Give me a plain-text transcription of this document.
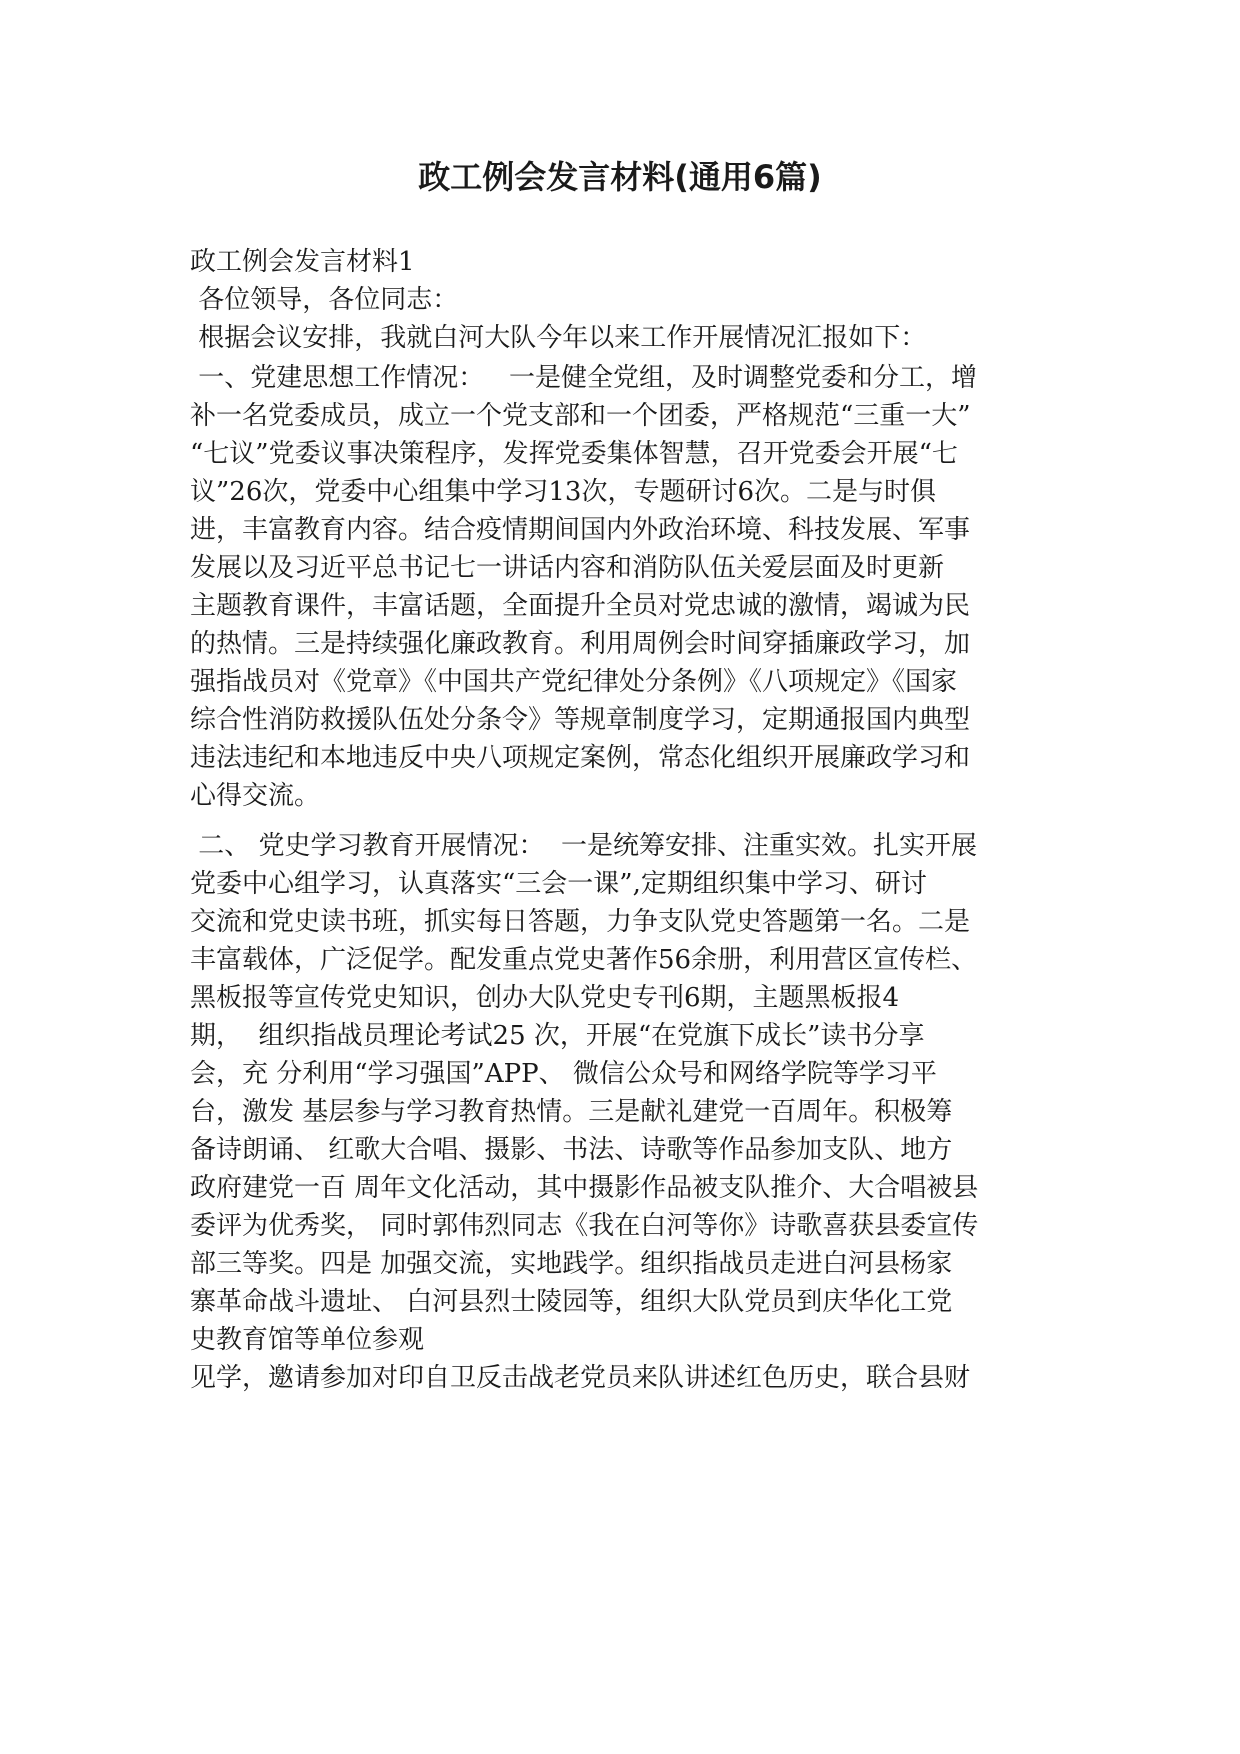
政工例会发言材料(通用6篇)

政工例会发言材料1

各位领导，各位同志：

根据会议安排，我就白河大队今年以来工作开展情况汇报如下：

一、党建思想工作情况：   一是健全党组，及时调整党委和分工，增

补一名党委成员，成立一个党支部和一个团委，严格规范“三重一大”

“七议”党委议事决策程序，发挥党委集体智慧，召开党委会开展“七

议”26次，党委中心组集中学习13次，专题研讨6次。二是与时俱

进，丰富教育内容。结合疫情期间国内外政治环境、科技发展、军事

发展以及习近平总书记七一讲话内容和消防队伍关爱层面及时更新

主题教育课件，丰富话题，全面提升全员对党忠诚的激情，竭诚为民

的热情。三是持续强化廉政教育。利用周例会时间穿插廉政学习，加

强指战员对《党章》《中国共产党纪律处分条例》《八项规定》《国家

综合性消防救援队伍处分条令》等规章制度学习，定期通报国内典型

违法违纪和本地违反中央八项规定案例，常态化组织开展廉政学习和

心得交流。

二、 党史学习教育开展情况：  一是统筹安排、注重实效。扎实开展

党委中心组学习，认真落实“三会一课”,定期组织集中学习、研讨

交流和党史读书班，抓实每日答题，力争支队党史答题第一名。二是

丰富载体，广泛促学。配发重点党史著作56余册，利用营区宣传栏、

黑板报等宣传党史知识，创办大队党史专刊6期，主题黑板报4

期，  组织指战员理论考试25 次，开展“在党旗下成长”读书分享

会，充 分利用“学习强国”APP、 微信公众号和网络学院等学习平

台，激发 基层参与学习教育热情。三是献礼建党一百周年。积极筹

备诗朗诵、 红歌大合唱、摄影、书法、诗歌等作品参加支队、地方

政府建党一百 周年文化活动，其中摄影作品被支队推介、大合唱被县

委评为优秀奖， 同时郭伟烈同志《我在白河等你》诗歌喜获县委宣传

部三等奖。四是 加强交流，实地践学。组织指战员走进白河县杨家

寨革命战斗遗址、 白河县烈士陵园等，组织大队党员到庆华化工党

史教育馆等单位参观

见学，邀请参加对印自卫反击战老党员来队讲述红色历史，联合县财
